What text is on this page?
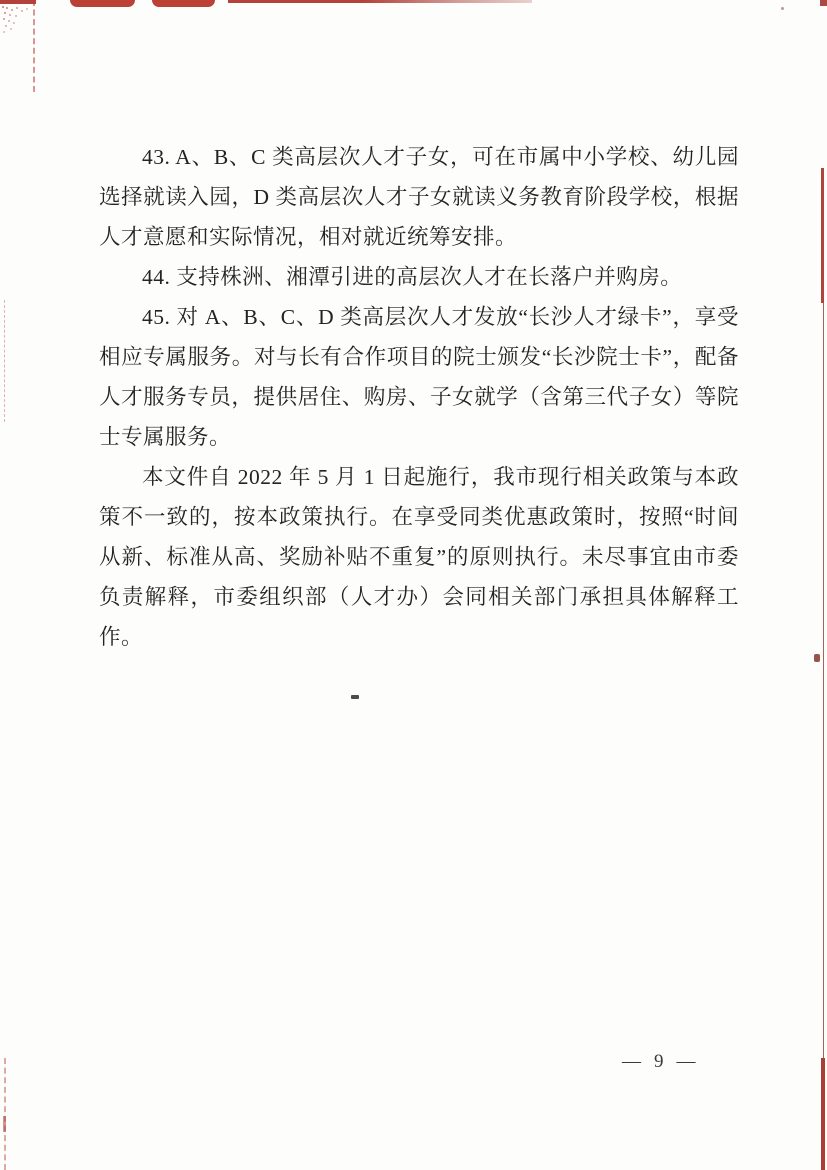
43. A、B、C 类高层次人才子女，可在市属中小学校、幼儿园选择就读入园，D 类高层次人才子女就读义务教育阶段学校，根据人才意愿和实际情况，相对就近统筹安排。

44. 支持株洲、湘潭引进的高层次人才在长落户并购房。

45. 对 A、B、C、D 类高层次人才发放“长沙人才绿卡”，享受相应专属服务。对与长有合作项目的院士颁发“长沙院士卡”，配备人才服务专员，提供居住、购房、子女就学（含第三代子女）等院士专属服务。

本文件自 2022 年 5 月 1 日起施行，我市现行相关政策与本政策不一致的，按本政策执行。在享受同类优惠政策时，按照“时间从新、标准从高、奖励补贴不重复”的原则执行。未尽事宜由市委负责解释，市委组织部（人才办）会同相关部门承担具体解释工作。

— 9 —
